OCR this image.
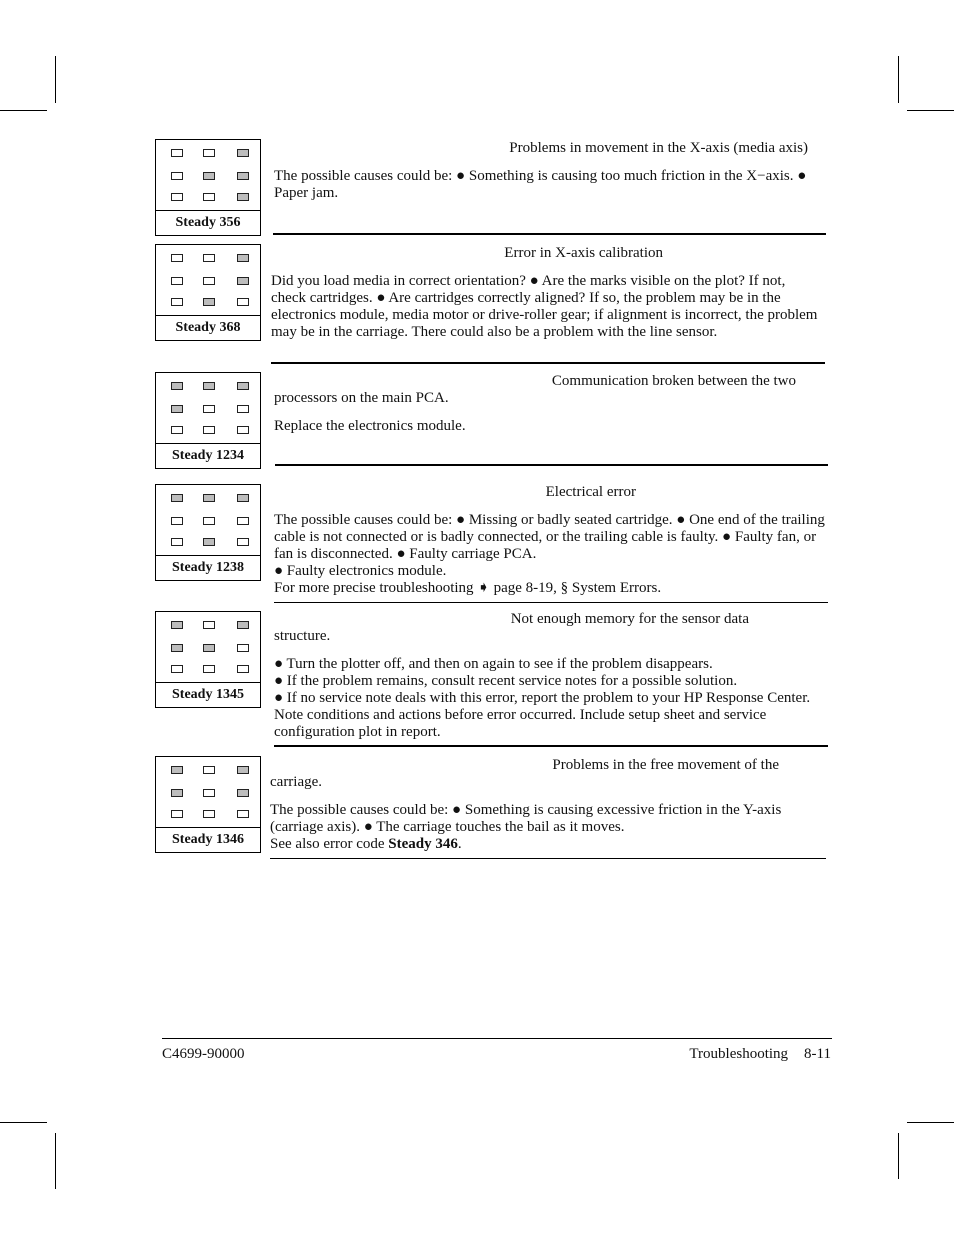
Steady 356
Steady 368
Steady 1234
Steady 1238
Steady 1345
Steady 1346
Problems in movement in the X-axis (media axis)
The possible causes could be: ● Something is causing too much friction in the X−axis. ● Paper jam.
Error in X-axis calibration
Did you load media in correct orientation? ● Are the marks visible on the plot? If not, check cartridges. ● Are cartridges correctly aligned? If so, the problem may be in the electronics module, media motor or drive-roller gear; if alignment is incorrect, the problem may be in the carriage. There could also be a problem with the line sensor.
Communication broken between the two
processors on the main PCA.
Replace the electronics module.
Electrical error
The possible causes could be: ● Missing or badly seated cartridge. ● One end of the trailing cable is not connected or is badly connected, or the trailing cable is faulty. ● Faulty fan, or fan is disconnected. ● Faulty carriage PCA.
● Faulty electronics module.
For more precise troubleshooting ➧ page 8-19, § System Errors.
Not enough memory for the sensor data
structure.
● Turn the plotter off, and then on again to see if the problem disappears.
● If the problem remains, consult recent service notes for a possible solution.
● If no service note deals with this error, report the problem to your HP Response Center. Note conditions and actions before error occurred. Include setup sheet and service configuration plot in report.
Problems in the free movement of the
carriage.
The possible causes could be: ● Something is causing excessive friction in the Y-axis (carriage axis). ● The carriage touches the bail as it moves.
See also error code Steady 346.
C4699-90000	Troubleshooting 8-11
